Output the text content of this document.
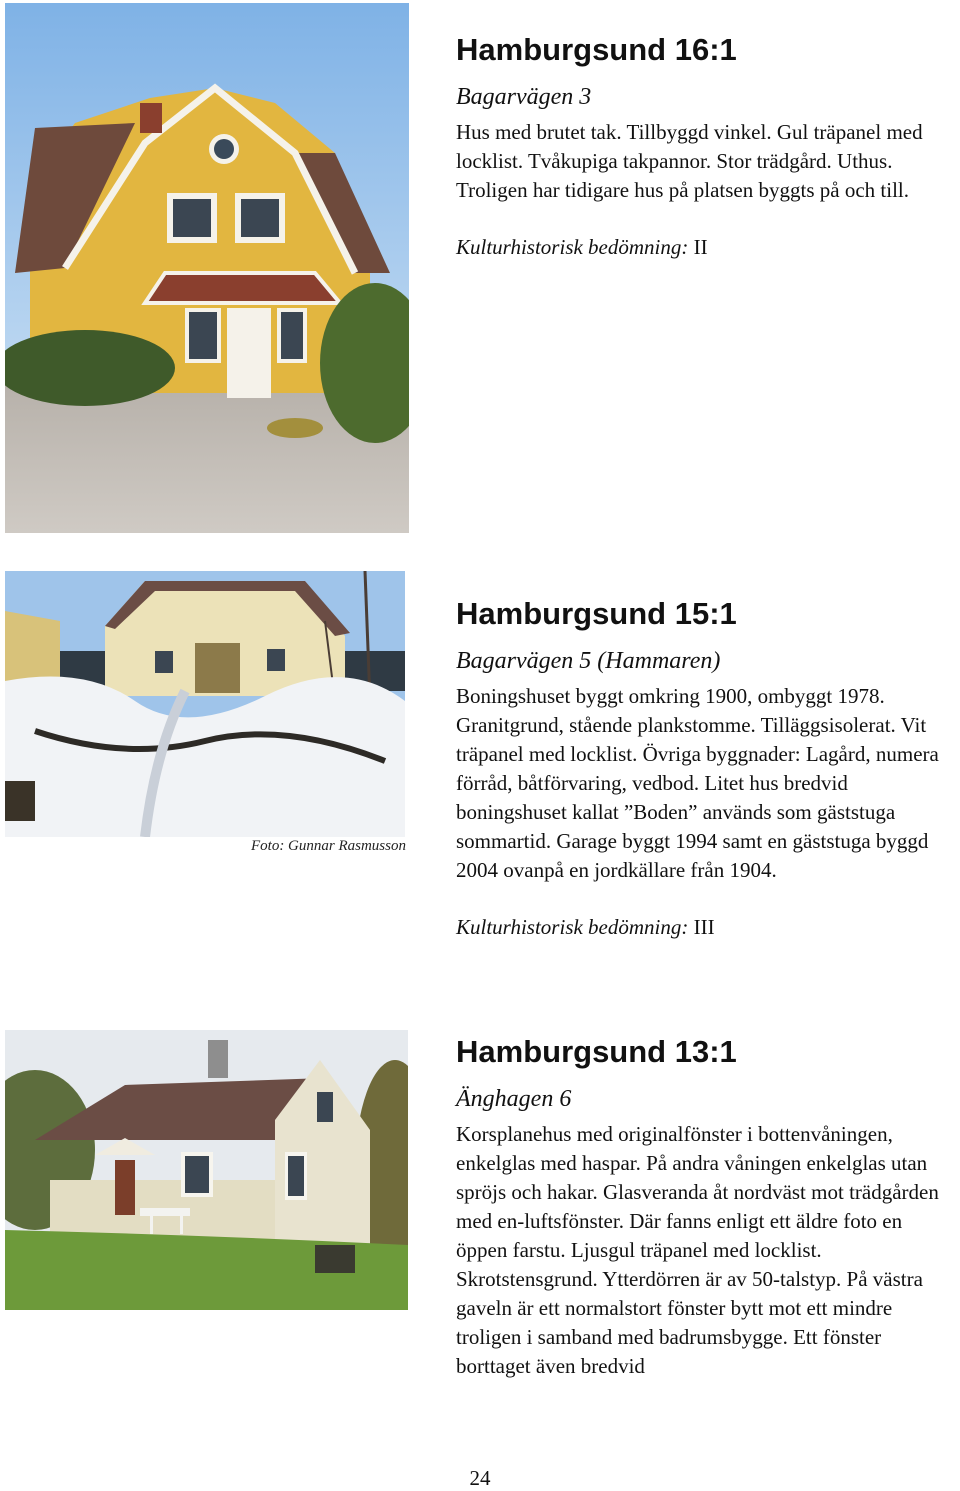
Hamburgsund 16:1

Bagarvägen 3

Hus med brutet tak. Tillbyggd vinkel. Gul träpanel med locklist. Tvåkupiga takpannor. Stor trädgård. Uthus. Troligen har tidigare hus på platsen byggts på och till.

Kulturhistorisk bedömning: II

Foto: Gunnar Rasmusson
Hamburgsund 15:1

Bagarvägen 5 (Hammaren)

Boningshuset byggt omkring 1900, ombyggt 1978. Granitgrund, stående plankstomme. Tilläggsisolerat. Vit träpanel med locklist. Övriga byggnader: Lagård, numera förråd, båtförvaring, vedbod. Litet hus bredvid boningshuset kallat ”Boden” används som gäststuga sommartid. Garage byggt 1994 samt en gäststuga byggd 2004 ovanpå en jordkällare från 1904.

Kulturhistorisk bedömning: III

Hamburgsund 13:1

Änghagen 6

Korsplanehus med originalfönster i bottenvåningen, enkelglas med haspar. På andra våningen enkelglas utan spröjs och hakar. Glasveranda åt nordväst mot trädgården med en-luftsfönster. Där fanns enligt ett äldre foto en öppen farstu. Ljusgul träpanel med locklist. Skrotstensgrund. Ytterdörren är av 50-talstyp. På västra gaveln är ett normalstort fönster bytt mot ett mindre troligen i samband med badrumsbygge. Ett fönster borttaget även bredvid

24
